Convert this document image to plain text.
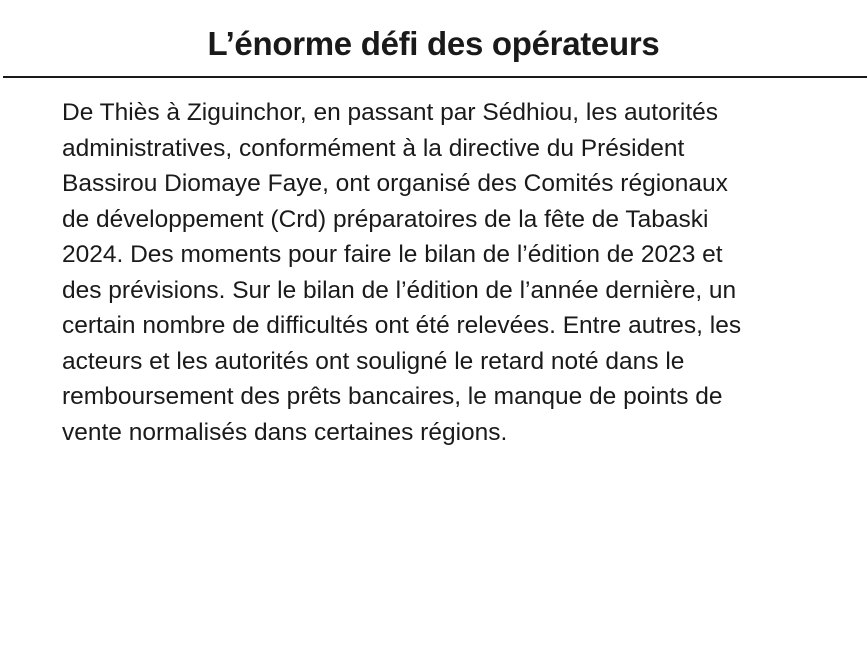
L’énorme défi des opérateurs

De Thiès à Ziguinchor, en passant par Sédhiou, les autorités
administratives, conformément à la directive du Président
Bassirou Diomaye Faye, ont organisé des Comités régionaux
de développement (Crd) préparatoires de la fête de Tabaski
2024. Des moments pour faire le bilan de l’édition de 2023 et
des prévisions. Sur le bilan de l’édition de l’année dernière, un
certain nombre de difficultés ont été relevées. Entre autres, les
acteurs et les autorités ont souligné le retard noté dans le
remboursement des prêts bancaires, le manque de points de
vente normalisés dans certaines régions.
